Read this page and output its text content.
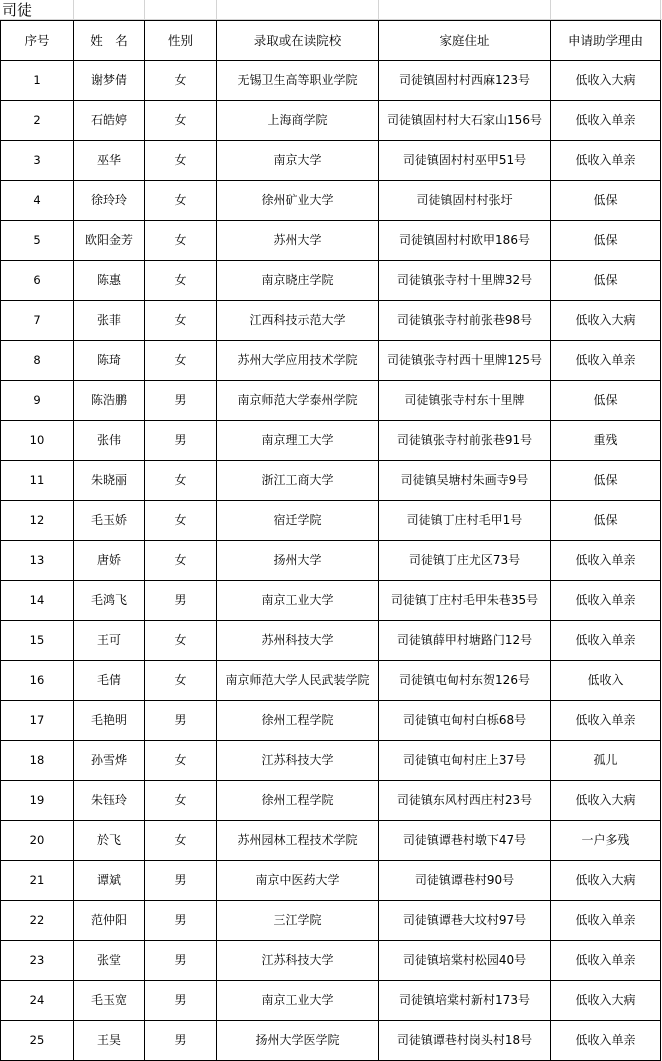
司徒
序号	姓　名	性别	录取或在读院校	家庭住址	申请助学理由
1	谢梦倩	女	无锡卫生高等职业学院	司徒镇固村村西麻123号	低收入大病
2	石皓婷	女	上海商学院	司徒镇固村村大石家山156号	低收入单亲
3	巫华	女	南京大学	司徒镇固村村巫甲51号	低收入单亲
4	徐玲玲	女	徐州矿业大学	司徒镇固村村张圩	低保
5	欧阳金芳	女	苏州大学	司徒镇固村村欧甲186号	低保
6	陈惠	女	南京晓庄学院	司徒镇张寺村十里牌32号	低保
7	张菲	女	江西科技示范大学	司徒镇张寺村前张巷98号	低收入大病
8	陈琦	女	苏州大学应用技术学院	司徒镇张寺村西十里牌125号	低收入单亲
9	陈浩鹏	男	南京师范大学泰州学院	司徒镇张寺村东十里牌	低保
10	张伟	男	南京理工大学	司徒镇张寺村前张巷91号	重残
11	朱晓丽	女	浙江工商大学	司徒镇吴塘村朱画寺9号	低保
12	毛玉娇	女	宿迁学院	司徒镇丁庄村毛甲1号	低保
13	唐娇	女	扬州大学	司徒镇丁庄尤区73号	低收入单亲
14	毛鸿飞	男	南京工业大学	司徒镇丁庄村毛甲朱巷35号	低收入单亲
15	王可	女	苏州科技大学	司徒镇薛甲村塘路门12号	低收入单亲
16	毛倩	女	南京师范大学人民武装学院	司徒镇屯甸村东贺126号	低收入
17	毛艳明	男	徐州工程学院	司徒镇屯甸村白栎68号	低收入单亲
18	孙雪烨	女	江苏科技大学	司徒镇屯甸村庄上37号	孤儿
19	朱钰玲	女	徐州工程学院	司徒镇东风村西庄村23号	低收入大病
20	於飞	女	苏州园林工程技术学院	司徒镇谭巷村墩下47号	一户多残
21	谭斌	男	南京中医药大学	司徒镇谭巷村90号	低收入大病
22	范仲阳	男	三江学院	司徒镇谭巷大坟村97号	低收入单亲
23	张堂	男	江苏科技大学	司徒镇培棠村松园40号	低收入单亲
24	毛玉宽	男	南京工业大学	司徒镇培棠村新村173号	低收入大病
25	王昊	男	扬州大学医学院	司徒镇谭巷村岗头村18号	低收入单亲
